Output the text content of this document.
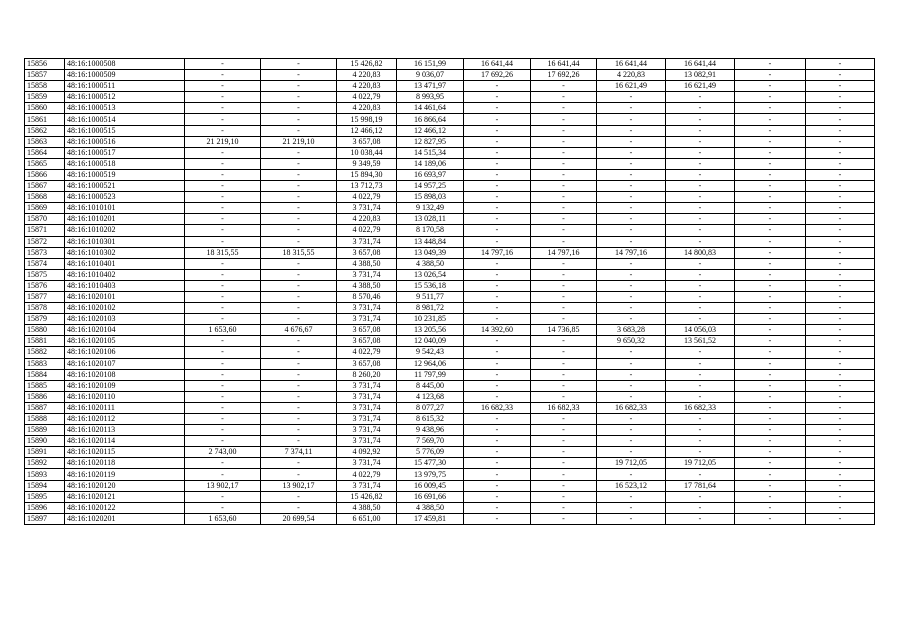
15856	48:16:1000508	-	-	15 426,82	16 151,99	16 641,44	16 641,44	16 641,44	16 641,44	-	-
15857	48:16:1000509	-	-	4 220,83	9 036,07	17 692,26	17 692,26	4 220,83	13 082,91	-	-
15858	48:16:1000511	-	-	4 220,83	13 471,97	-	-	16 621,49	16 621,49	-	-
15859	48:16:1000512	-	-	4 022,79	8 993,95	-	-	-	-	-	-
15860	48:16:1000513	-	-	4 220,83	14 461,64	-	-	-	-	-	-
15861	48:16:1000514	-	-	15 998,19	16 866,64	-	-	-	-	-	-
15862	48:16:1000515	-	-	12 466,12	12 466,12	-	-	-	-	-	-
15863	48:16:1000516	21 219,10	21 219,10	3 657,08	12 827,95	-	-	-	-	-	-
15864	48:16:1000517	-	-	10 038,44	14 515,34	-	-	-	-	-	-
15865	48:16:1000518	-	-	9 349,59	14 189,06	-	-	-	-	-	-
15866	48:16:1000519	-	-	15 894,30	16 693,97	-	-	-	-	-	-
15867	48:16:1000521	-	-	13 712,73	14 957,25	-	-	-	-	-	-
15868	48:16:1000523	-	-	4 022,79	15 898,03	-	-	-	-	-	-
15869	48:16:1010101	-	-	3 731,74	9 132,49	-	-	-	-	-	-
15870	48:16:1010201	-	-	4 220,83	13 028,11	-	-	-	-	-	-
15871	48:16:1010202	-	-	4 022,79	8 170,58	-	-	-	-	-	-
15872	48:16:1010301	-	-	3 731,74	13 448,84	-	-	-	-	-	-
15873	48:16:1010302	18 315,55	18 315,55	3 657,08	13 049,39	14 797,16	14 797,16	14 797,16	14 800,83	-	-
15874	48:16:1010401	-	-	4 388,50	4 388,50	-	-	-	-	-	-
15875	48:16:1010402	-	-	3 731,74	13 026,54	-	-	-	-	-	-
15876	48:16:1010403	-	-	4 388,50	15 536,18	-	-	-	-	-	-
15877	48:16:1020101	-	-	8 570,46	9 511,77	-	-	-	-	-	-
15878	48:16:1020102	-	-	3 731,74	8 981,72	-	-	-	-	-	-
15879	48:16:1020103	-	-	3 731,74	10 231,85	-	-	-	-	-	-
15880	48:16:1020104	1 653,60	4 676,67	3 657,08	13 205,56	14 392,60	14 736,85	3 683,28	14 056,03	-	-
15881	48:16:1020105	-	-	3 657,08	12 040,09	-	-	9 650,32	13 561,52	-	-
15882	48:16:1020106	-	-	4 022,79	9 542,43	-	-	-	-	-	-
15883	48:16:1020107	-	-	3 657,08	12 964,06	-	-	-	-	-	-
15884	48:16:1020108	-	-	8 260,20	11 797,99	-	-	-	-	-	-
15885	48:16:1020109	-	-	3 731,74	8 445,00	-	-	-	-	-	-
15886	48:16:1020110	-	-	3 731,74	4 123,68	-	-	-	-	-	-
15887	48:16:1020111	-	-	3 731,74	8 077,27	16 682,33	16 682,33	16 682,33	16 682,33	-	-
15888	48:16:1020112	-	-	3 731,74	8 615,32	-	-	-	-	-	-
15889	48:16:1020113	-	-	3 731,74	9 438,96	-	-	-	-	-	-
15890	48:16:1020114	-	-	3 731,74	7 569,70	-	-	-	-	-	-
15891	48:16:1020115	2 743,00	7 374,11	4 092,92	5 776,09	-	-	-	-	-	-
15892	48:16:1020118	-	-	3 731,74	15 477,30	-	-	19 712,05	19 712,05	-	-
15893	48:16:1020119	-	-	4 022,79	13 979,75	-	-	-	-	-	-
15894	48:16:1020120	13 902,17	13 902,17	3 731,74	16 009,45	-	-	16 523,12	17 781,64	-	-
15895	48:16:1020121	-	-	15 426,82	16 691,66	-	-	-	-	-	-
15896	48:16:1020122	-	-	4 388,50	4 388,50	-	-	-	-	-	-
15897	48:16:1020201	1 653,60	20 699,54	6 651,00	17 459,81	-	-	-	-	-	-
